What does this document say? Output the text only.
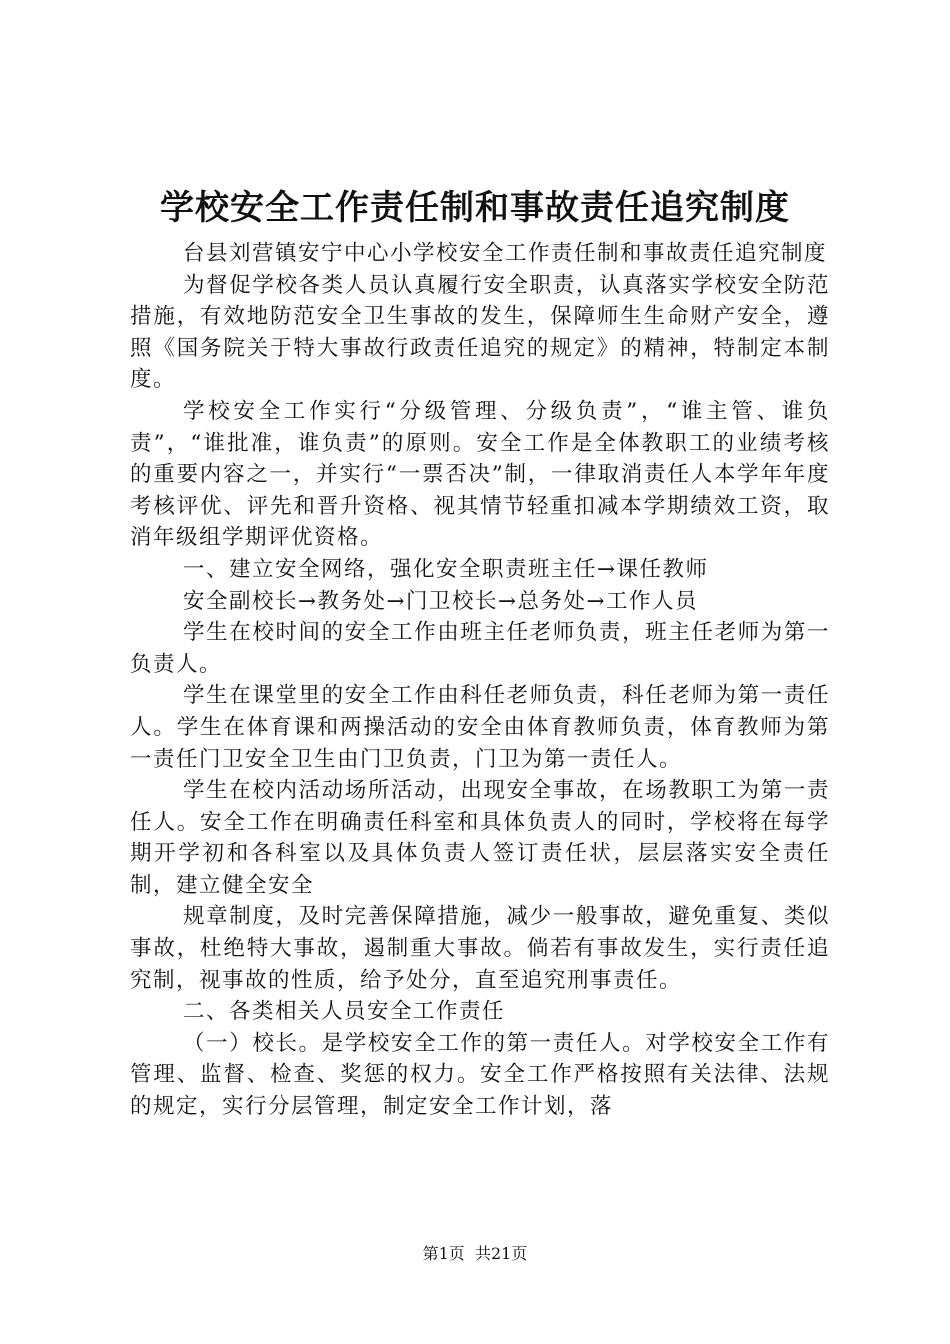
学校安全工作责任制和事故责任追究制度

台县刘营镇安宁中心小学校安全工作责任制和事故责任追究制度

为督促学校各类人员认真履行安全职责，认真落实学校安全防范措施，有效地防范安全卫生事故的发生，保障师生生命财产安全，遵照《国务院关于特大事故行政责任追究的规定》的精神，特制定本制度。

学校安全工作实行“分级管理、分级负责”，“谁主管、谁负责”，“谁批准，谁负责”的原则。安全工作是全体教职工的业绩考核的重要内容之一，并实行“一票否决”制，一律取消责任人本学年年度考核评优、评先和晋升资格、视其情节轻重扣减本学期绩效工资，取消年级组学期评优资格。

一、建立安全网络，强化安全职责班主任→课任教师

安全副校长→教务处→门卫校长→总务处→工作人员

学生在校时间的安全工作由班主任老师负责，班主任老师为第一负责人。

学生在课堂里的安全工作由科任老师负责，科任老师为第一责任人。学生在体育课和两操活动的安全由体育教师负责，体育教师为第一责任门卫安全卫生由门卫负责，门卫为第一责任人。

学生在校内活动场所活动，出现安全事故，在场教职工为第一责任人。安全工作在明确责任科室和具体负责人的同时，学校将在每学期开学初和各科室以及具体负责人签订责任状，层层落实安全责任制，建立健全安全

规章制度，及时完善保障措施，减少一般事故，避免重复、类似事故，杜绝特大事故，遏制重大事故。倘若有事故发生，实行责任追究制，视事故的性质，给予处分，直至追究刑事责任。

二、各类相关人员安全工作责任

（一）校长。是学校安全工作的第一责任人。对学校安全工作有管理、监督、检查、奖惩的权力。安全工作严格按照有关法律、法规的规定，实行分层管理，制定安全工作计划，落

第1页 共21页
